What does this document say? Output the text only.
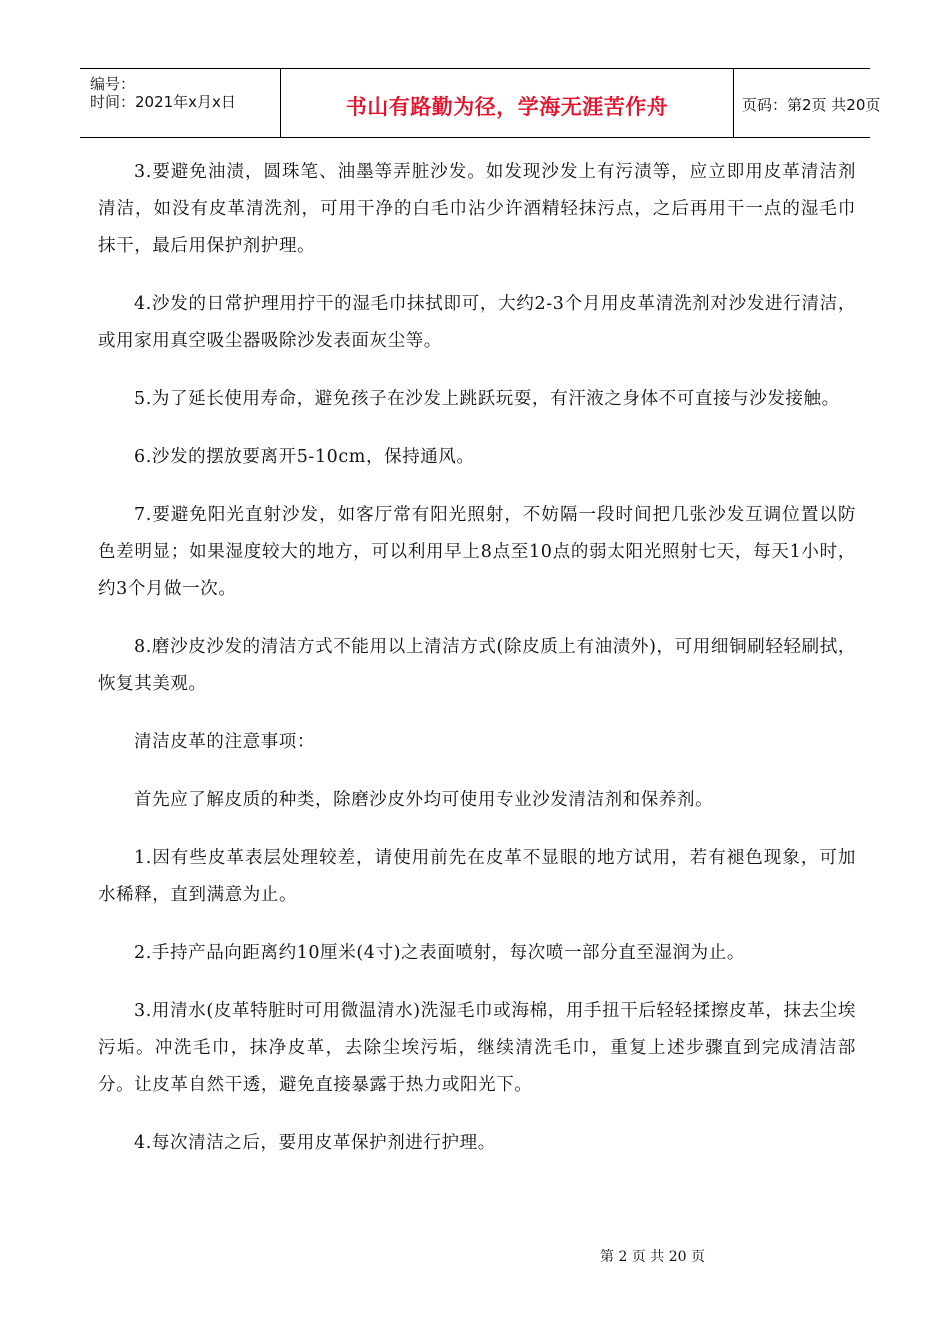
编号：
时间：2021年x月x日	书山有路勤为径，学海无涯苦作舟	页码：第2页 共20页

3.要避免油渍，圆珠笔、油墨等弄脏沙发。如发现沙发上有污渍等，应立即用皮革清洁剂清洁，如没有皮革清洗剂，可用干净的白毛巾沾少许酒精轻抹污点，之后再用干一点的湿毛巾抹干，最后用保护剂护理。

4.沙发的日常护理用拧干的湿毛巾抹拭即可，大约2-3个月用皮革清洗剂对沙发进行清洁，或用家用真空吸尘器吸除沙发表面灰尘等。

5.为了延长使用寿命，避免孩子在沙发上跳跃玩耍，有汗液之身体不可直接与沙发接触。

6.沙发的摆放要离开5-10cm，保持通风。

7.要避免阳光直射沙发，如客厅常有阳光照射，不妨隔一段时间把几张沙发互调位置以防色差明显；如果湿度较大的地方，可以利用早上8点至10点的弱太阳光照射七天，每天1小时，约3个月做一次。

8.磨沙皮沙发的清洁方式不能用以上清洁方式(除皮质上有油渍外)，可用细铜刷轻轻刷拭，恢复其美观。

清洁皮革的注意事项：

首先应了解皮质的种类，除磨沙皮外均可使用专业沙发清洁剂和保养剂。

1.因有些皮革表层处理较差，请使用前先在皮革不显眼的地方试用，若有褪色现象，可加水稀释，直到满意为止。

2.手持产品向距离约10厘米(4寸)之表面喷射，每次喷一部分直至湿润为止。

3.用清水(皮革特脏时可用微温清水)洗湿毛巾或海棉，用手扭干后轻轻揉擦皮革，抹去尘埃污垢。冲洗毛巾，抹净皮革，去除尘埃污垢，继续清洗毛巾，重复上述步骤直到完成清洁部分。让皮革自然干透，避免直接暴露于热力或阳光下。

4.每次清洁之后，要用皮革保护剂进行护理。

第 2 页 共 20 页
